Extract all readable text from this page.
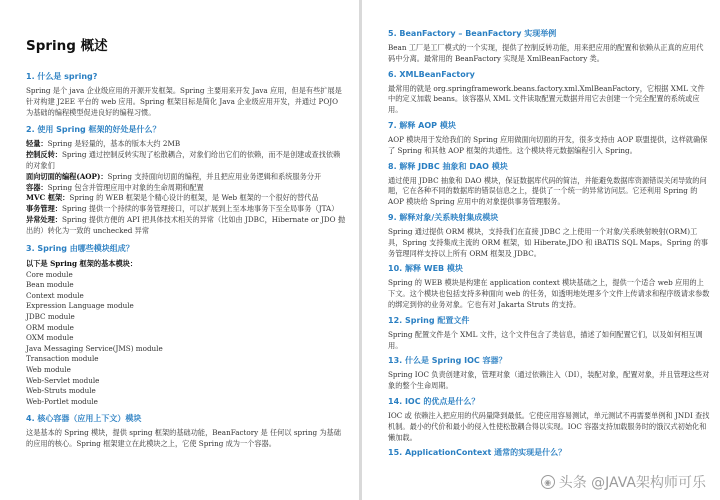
Spring 概述
1. 什么是 spring?

Spring 是个 java 企业级应用的开源开发框架。Spring 主要用来开发 Java 应用，但是有些扩展是针对构建 J2EE 平台的 web 应用。Spring 框架目标是简化 Java 企业级应用开发，并通过 POJO 为基础的编程模型促进良好的编程习惯。

2. 使用 Spring 框架的好处是什么？

轻量：Spring 是轻量的，基本的版本大约 2MB

控制反转：Spring 通过控制反转实现了松散耦合，对象们给出它们的依赖，而不是创建或查找依赖的对象们

面向切面的编程(AOP)：Spring 支持面向切面的编程，并且把应用业务逻辑和系统服务分开

容器：Spring 包含并管理应用中对象的生命周期和配置

MVC 框架：Spring 的 WEB 框架是个精心设计的框架，是 Web 框架的一个很好的替代品

事务管理：Spring 提供一个持续的事务管理接口，可以扩展到上至本地事务下至全局事务（JTA）

异常处理：Spring 提供方便的 API 把具体技术相关的异常（比如由 JDBC，Hibernate or JDO 抛出的）转化为一致的 unchecked 异常

3. Spring 由哪些模块组成？
以下是 Spring 框架的基本模块：
Core module
Bean module
Context module
Expression Language module
JDBC module
ORM module
OXM module
Java Messaging Service(JMS) module
Transaction module
Web module
Web-Servlet module
Web-Struts module
Web-Portlet module
4. 核心容器（应用上下文）模块

这是基本的 Spring 模块，提供 spring 框架的基础功能，BeanFactory 是 任何以 spring 为基础的应用的核心。Spring 框架建立在此模块之上，它使 Spring 成为一个容器。

5. BeanFactory – BeanFactory 实现举例

Bean 工厂是工厂模式的一个实现，提供了控制反转功能，用来把应用的配置和依赖从正真的应用代码中分离。最常用的 BeanFactory 实现是 XmlBeanFactory 类。

6. XMLBeanFactory

最常用的就是 org.springframework.beans.factory.xml.XmlBeanFactory，它根据 XML 文件中的定义加载 beans。该容器从 XML 文件读取配置元数据并用它去创建一个完全配置的系统或应用。

7. 解释 AOP 模块

AOP 模块用于发给我们的 Spring 应用做面向切面的开发，很多支持由 AOP 联盟提供，这样就确保了 Spring 和其他 AOP 框架的共通性。这个模块将元数据编程引入 Spring。

8. 解释 JDBC 抽象和 DAO 模块

通过使用 JDBC 抽象和 DAO 模块，保证数据库代码的简洁，并能避免数据库资源错误关闭导致的问题，它在各种不同的数据库的错误信息之上，提供了一个统一的异常访问层。它还利用 Spring 的 AOP 模块给 Spring 应用中的对象提供事务管理服务。

9. 解释对象/关系映射集成模块

Spring 通过提供 ORM 模块，支持我们在直接 JDBC 之上使用一个对象/关系映射映射(ORM)工具，Spring 支持集成主流的 ORM 框架，如 Hiberate,JDO 和 iBATIS SQL Maps。Spring 的事务管理同样支持以上所有 ORM 框架及 JDBC。

10. 解释 WEB 模块

Spring 的 WEB 模块是构建在 application context 模块基础之上，提供一个适合 web 应用的上下文。这个模块也包括支持多种面向 web 的任务，如透明地处理多个文件上传请求和程序级请求参数的绑定到你的业务对象。它也有对 Jakarta Struts 的支持。

12. Spring 配置文件

Spring 配置文件是个 XML 文件，这个文件包含了类信息，描述了如何配置它们，以及如何相互调用。

13. 什么是 Spring IOC 容器？

Spring IOC 负责创建对象，管理对象（通过依赖注入（DI），装配对象，配置对象，并且管理这些对象的整个生命周期。

14. IOC 的优点是什么？

IOC 或 依赖注入把应用的代码量降到最低。它使应用容易测试，单元测试不再需要单例和 JNDI 查找机制。最小的代价和最小的侵入性使松散耦合得以实现。IOC 容器支持加载服务时的饿汉式初始化和懒加载。

15. ApplicationContext 通常的实现是什么？
◉ 头条 @JAVA架构师可乐
